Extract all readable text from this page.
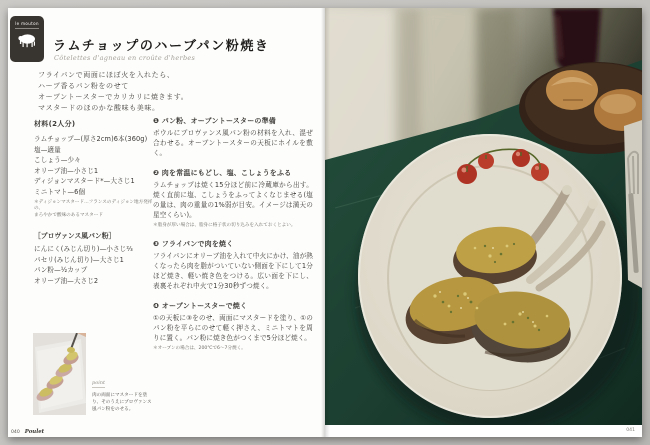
le mouton
ラムチョップのハーブパン粉焼き
Côtelettes d'agneau en croûte d'herbes
フライパンで両面にほぼ火を入れたら、
ハーブ香るパン粉をのせて
オーブントースターでカリカリに焼きます。
マスタードのほのかな酸味も美味。
材料(2人分)
ラムチョップ—(厚さ2cm)6本(360g)
塩—適量
こしょう—少々
オリーブ油—小さじ1
ディジョンマスタード*—大さじ1
ミニトマト—6個
＊ディジョンマスタード…フランスのディジョン地方発祥の、
まろやかで酸味のあるマスタード
［プロヴァンス風パン粉］
にんにく(みじん切り)—小さじ⅔
パセリ(みじん切り)—大さじ1
パン粉—½カップ
オリーブ油—大さじ2
❶ パン粉、オーブントースターの準備
ボウルにプロヴァンス風パン粉の材料を入れ、混ぜ合わせる。オーブントースターの天板にホイルを敷く。
❷ 肉を常温にもどし、塩、こしょうをふる
ラムチョップは焼く15分ほど前に冷蔵庫から出す。焼く直前に塩、こしょうをふってよくなじませる(塩の量は、肉の重量の1%弱が目安。イメージは満天の星空くらい)。
＊脂身が厚い場合は、脂身に格子状の切り込みを入れておくとよい。
❸ フライパンで肉を焼く
フライパンにオリーブ油を入れて中火にかけ、油が熱くなったら肉を脂がついていない側面を下にして1分ほど焼き、軽い焼き色をつける。広い面を下にし、表裏それぞれ中火で1分30秒ずつ焼く。
❹ オーブントースターで焼く
①の天板に③をのせ、両面にマスタードを塗り、①のパン粉を平らにのせて軽く押さえ、ミニトマトを周りに置く。パン粉に焼き色がつくまで5分ほど焼く。
＊オーブンの場合は、200℃で6〜7分焼く。
point
肉の両面にマスタードを塗り、そのうえにプロヴァンス風パン粉をのせる。
040 Poulet	041
